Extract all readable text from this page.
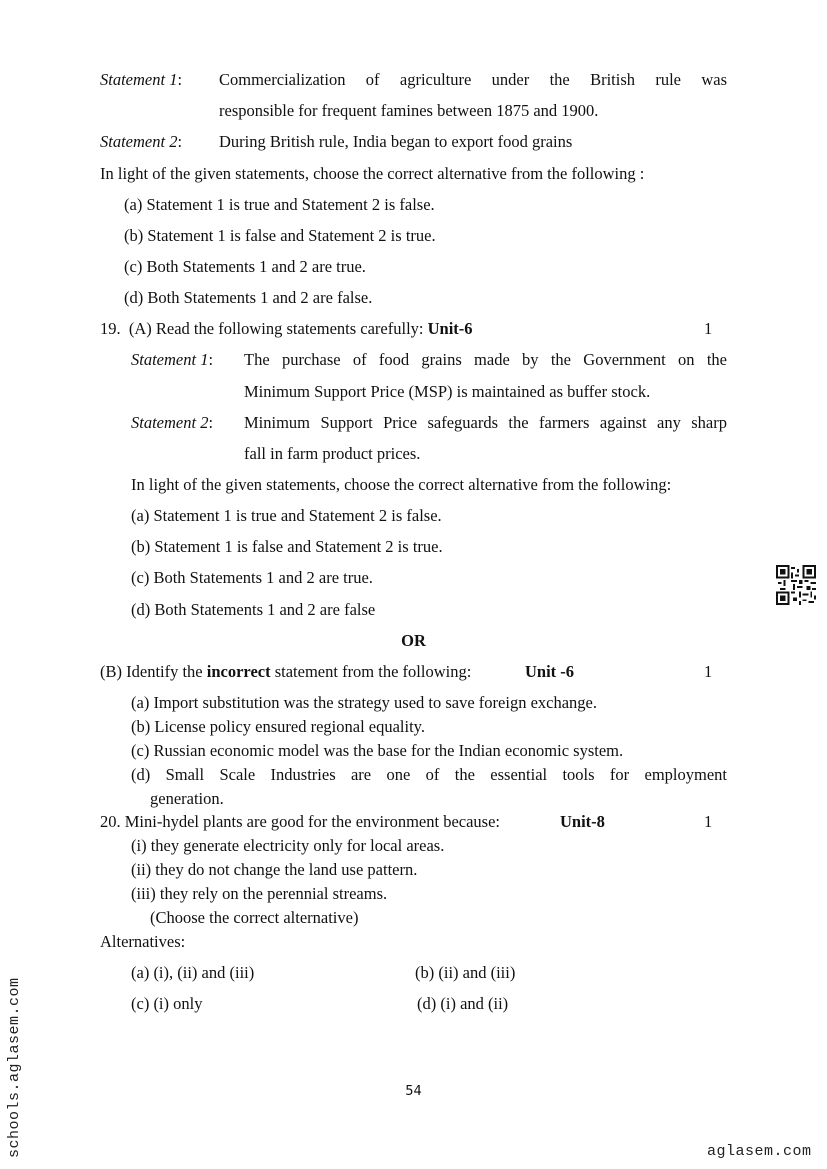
Statement 1: Commercialization of agriculture under the British rule was
responsible for frequent famines between 1875 and 1900.
Statement 2: During British rule, India began to export food grains
In light of the given statements, choose the correct alternative from the following :
(a) Statement 1 is true and Statement 2 is false.
(b) Statement 1 is false and Statement 2 is true.
(c) Both Statements 1 and 2 are true.
(d) Both Statements 1 and 2 are false.
19. (A) Read the following statements carefully: Unit-6	1
Statement 1: The purchase of food grains made by the Government on the
Minimum Support Price (MSP) is maintained as buffer stock.
Statement 2: Minimum Support Price safeguards the farmers against any sharp
fall in farm product prices.
In light of the given statements, choose the correct alternative from the following:
(a) Statement 1 is true and Statement 2 is false.
(b) Statement 1 is false and Statement 2 is true.
(c) Both Statements 1 and 2 are true.
(d) Both Statements 1 and 2 are false
OR
(B) Identify the incorrect statement from the following:	Unit -6	1
(a) Import substitution was the strategy used to save foreign exchange.
(b) License policy ensured regional equality.
(c) Russian economic model was the base for the Indian economic system.
(d) Small Scale Industries are one of the essential tools for employment
generation.
20. Mini-hydel plants are good for the environment because:	Unit-8	1
(i) they generate electricity only for local areas.
(ii) they do not change the land use pattern.
(iii) they rely on the perennial streams.
(Choose the correct alternative)
Alternatives:
(a) (i), (ii) and (iii)	(b) (ii) and (iii)
(c) (i) only	(d) (i) and (ii)
54
schools.aglasem.com	aglasem.com
